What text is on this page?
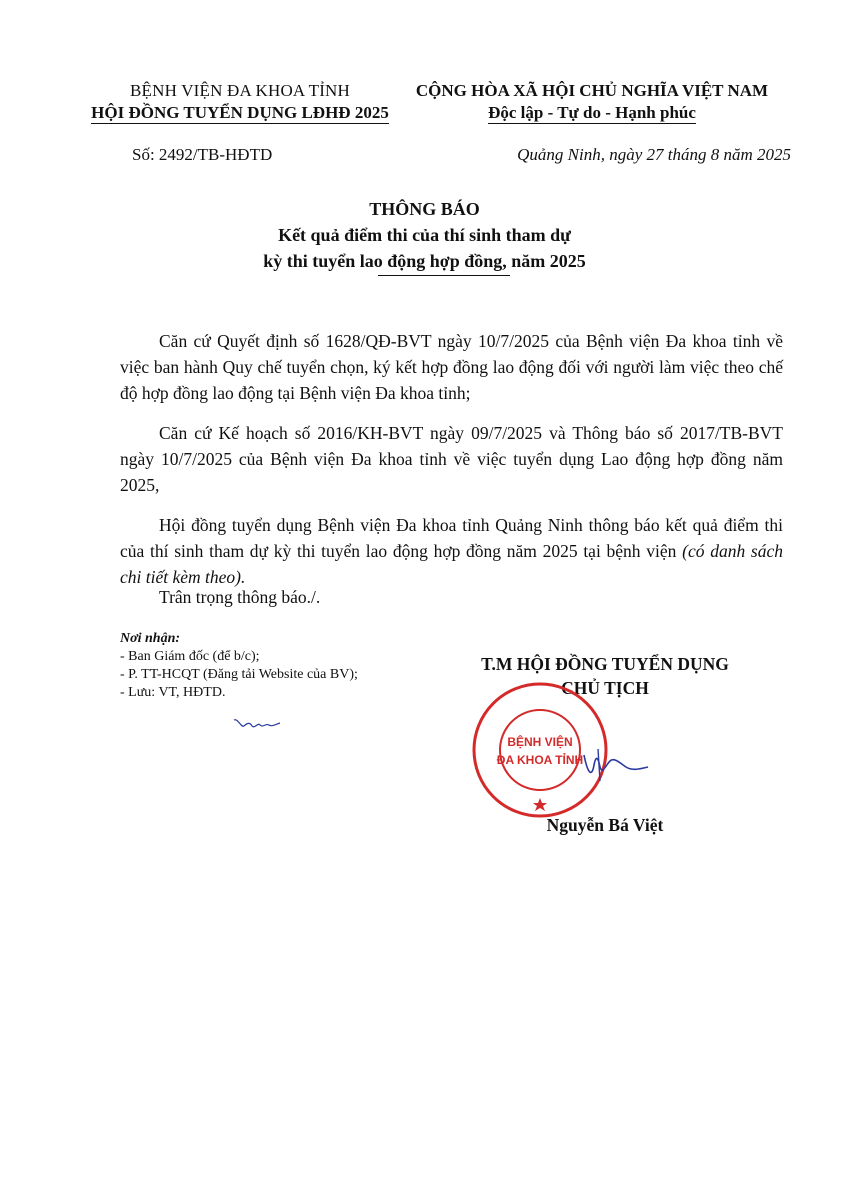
BỆNH VIỆN ĐA KHOA TỈNH
HỘI ĐỒNG TUYỂN DỤNG LĐHĐ 2025
CỘNG HÒA XÃ HỘI CHỦ NGHĨA VIỆT NAM
Độc lập - Tự do - Hạnh phúc
Số: 2492/TB-HĐTD	Quảng Ninh, ngày 27 tháng 8 năm 2025
THÔNG BÁO
Kết quả điểm thi của thí sinh tham dự
kỳ thi tuyển lao động hợp đồng, năm 2025
Căn cứ Quyết định số 1628/QĐ-BVT ngày 10/7/2025 của Bệnh viện Đa khoa tỉnh về việc ban hành Quy chế tuyển chọn, ký kết hợp đồng lao động đối với người làm việc theo chế độ hợp đồng lao động tại Bệnh viện Đa khoa tỉnh;
Căn cứ Kế hoạch số 2016/KH-BVT ngày 09/7/2025 và Thông báo số 2017/TB-BVT ngày 10/7/2025 của Bệnh viện Đa khoa tỉnh về việc tuyển dụng Lao động hợp đồng năm 2025,
Hội đồng tuyển dụng Bệnh viện Đa khoa tỉnh Quảng Ninh thông báo kết quả điểm thi của thí sinh tham dự kỳ thi tuyển lao động hợp đồng năm 2025 tại bệnh viện (có danh sách chi tiết kèm theo).
Trân trọng thông báo./.
Nơi nhận:
- Ban Giám đốc (để b/c);
- P. TT-HCQT (Đăng tải Website của BV);
- Lưu: VT, HĐTD.
T.M HỘI ĐỒNG TUYỂN DỤNG
CHỦ TỊCH
BỆNH VIỆN
ĐA KHOA TỈNH
Nguyễn Bá Việt
